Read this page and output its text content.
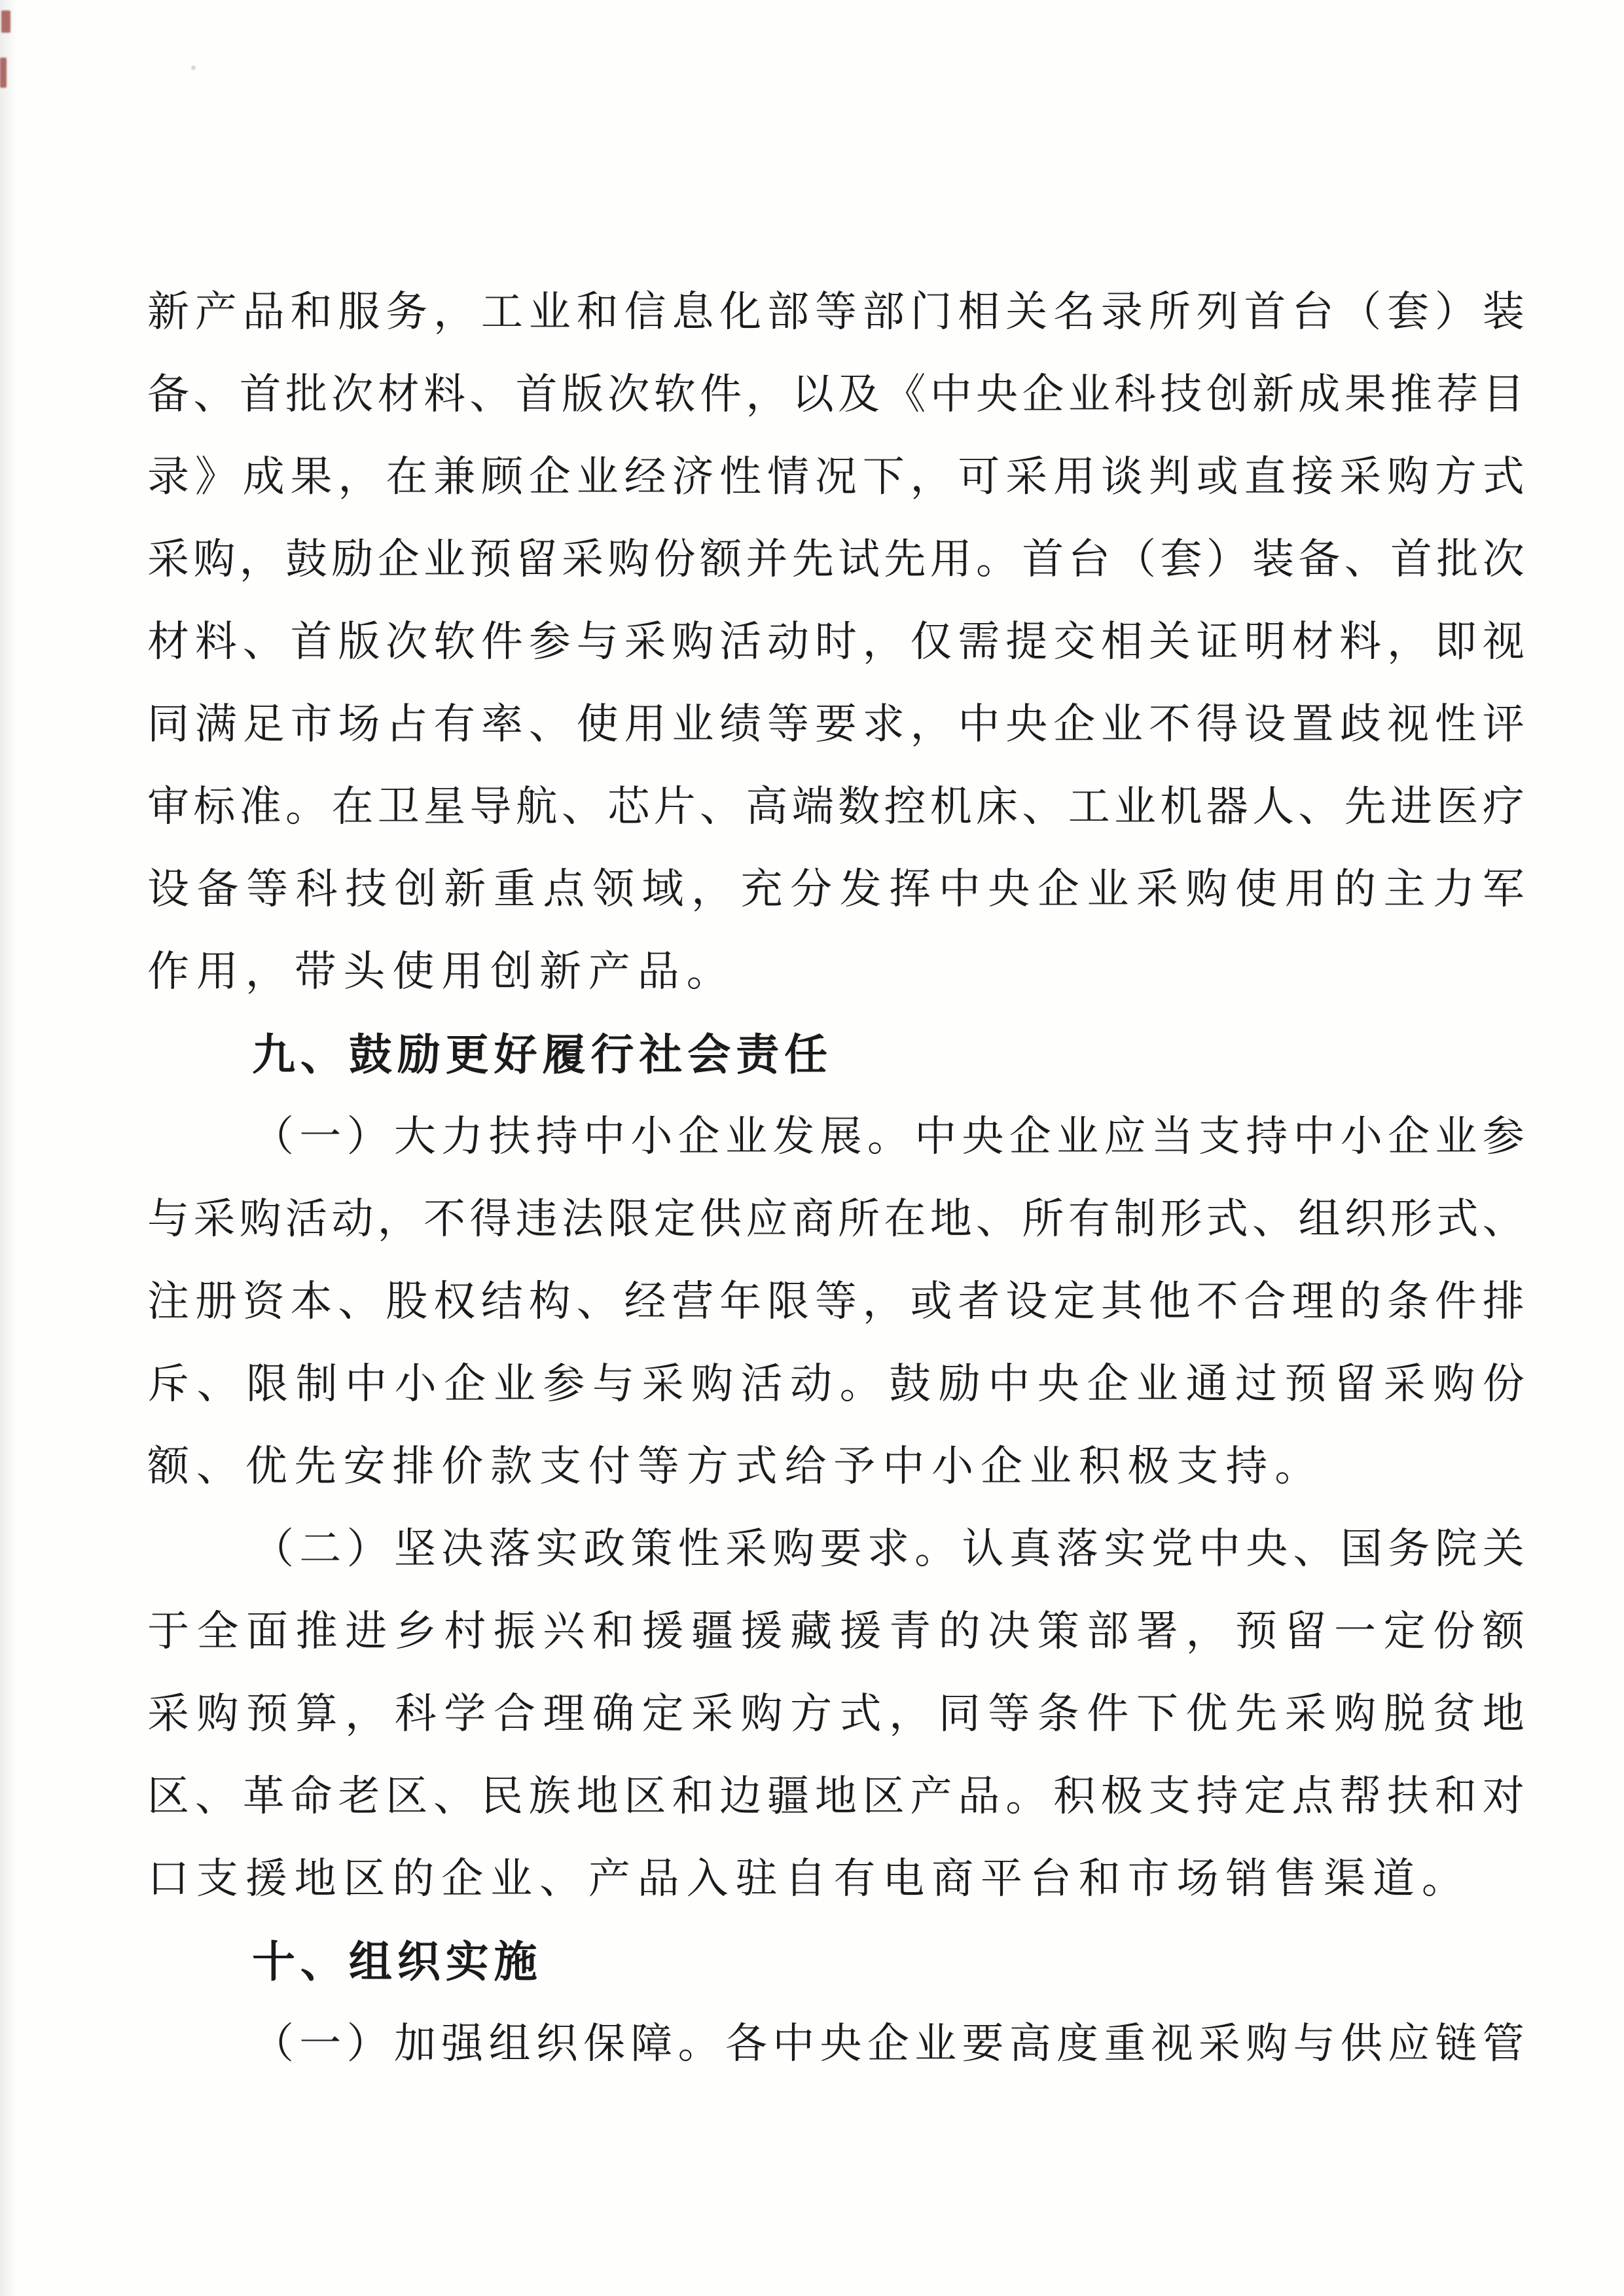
新产品和服务，工业和信息化部等部门相关名录所列首台（套）装
备、首批次材料、首版次软件，以及《中央企业科技创新成果推荐目
录》成果，在兼顾企业经济性情况下，可采用谈判或直接采购方式
采购，鼓励企业预留采购份额并先试先用。首台（套）装备、首批次
材料、首版次软件参与采购活动时，仅需提交相关证明材料，即视
同满足市场占有率、使用业绩等要求，中央企业不得设置歧视性评
审标准。在卫星导航、芯片、高端数控机床、工业机器人、先进医疗
设备等科技创新重点领域，充分发挥中央企业采购使用的主力军
作用，带头使用创新产品。
九、鼓励更好履行社会责任
（一）大力扶持中小企业发展。中央企业应当支持中小企业参
与采购活动，不得违法限定供应商所在地、所有制形式、组织形式、
注册资本、股权结构、经营年限等，或者设定其他不合理的条件排
斥、限制中小企业参与采购活动。鼓励中央企业通过预留采购份
额、优先安排价款支付等方式给予中小企业积极支持。
（二）坚决落实政策性采购要求。认真落实党中央、国务院关
于全面推进乡村振兴和援疆援藏援青的决策部署，预留一定份额
采购预算，科学合理确定采购方式，同等条件下优先采购脱贫地
区、革命老区、民族地区和边疆地区产品。积极支持定点帮扶和对
口支援地区的企业、产品入驻自有电商平台和市场销售渠道。
十、组织实施
（一）加强组织保障。各中央企业要高度重视采购与供应链管
